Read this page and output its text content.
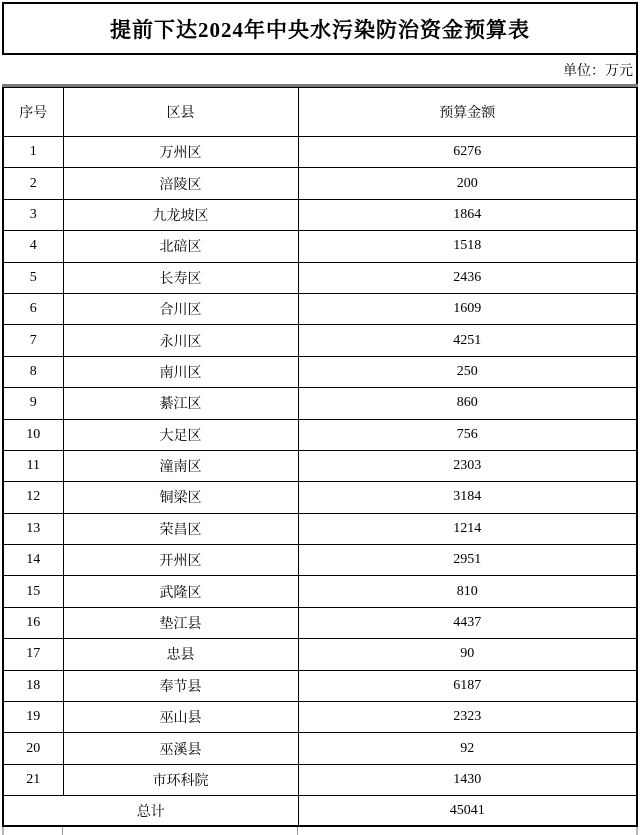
提前下达2024年中央水污染防治资金预算表
单位：万元
序号	区县	预算金额
1	万州区	6276
2	涪陵区	200
3	九龙坡区	1864
4	北碚区	1518
5	长寿区	2436
6	合川区	1609
7	永川区	4251
8	南川区	250
9	綦江区	860
10	大足区	756
11	潼南区	2303
12	铜梁区	3184
13	荣昌区	1214
14	开州区	2951
15	武隆区	810
16	垫江县	4437
17	忠县	90
18	奉节县	6187
19	巫山县	2323
20	巫溪县	92
21	市环科院	1430
总计		45041
